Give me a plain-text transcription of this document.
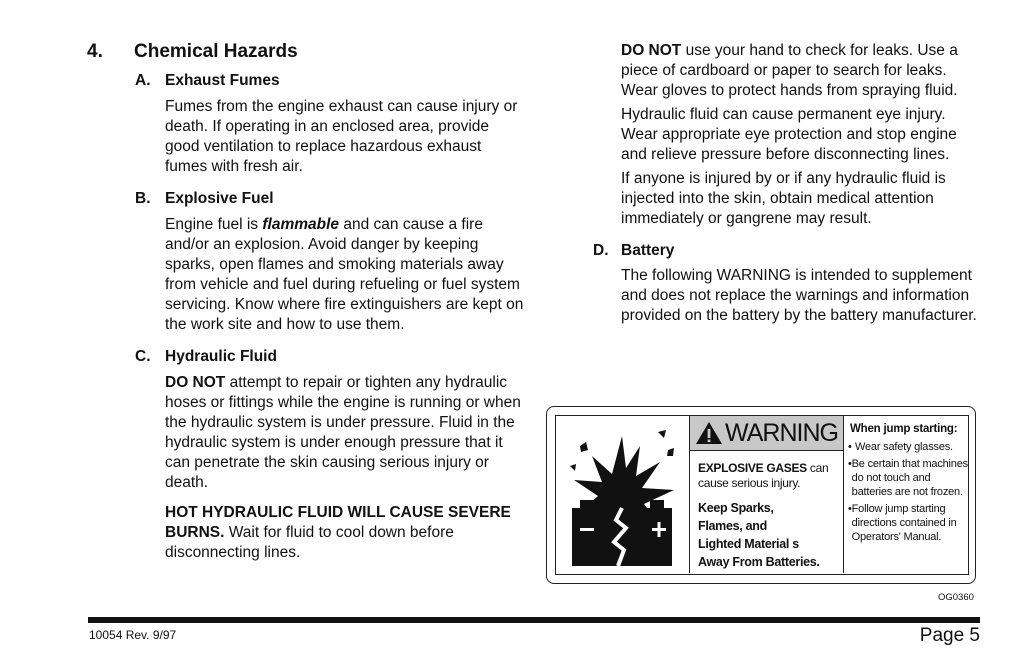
4.	Chemical Hazards
A. Exhaust Fumes

Fumes from the engine exhaust can cause injury or death. If operating in an enclosed area, provide good ventilation to replace hazardous exhaust fumes with fresh air.

B. Explosive Fuel

Engine fuel is flammable and can cause a fire and/or an explosion. Avoid danger by keeping sparks, open flames and smoking materials away from vehicle and fuel during refueling or fuel system servicing. Know where fire extinguishers are kept on the work site and how to use them.

C. Hydraulic Fluid

DO NOT attempt to repair or tighten any hydraulic hoses or fittings while the engine is running or when the hydraulic system is under pressure. Fluid in the hydraulic system is under enough pressure that it can penetrate the skin causing serious injury or death.

HOT HYDRAULIC FLUID WILL CAUSE SEVERE BURNS. Wait for fluid to cool down before disconnecting lines.

DO NOT use your hand to check for leaks. Use a piece of cardboard or paper to search for leaks. Wear gloves to protect hands from spraying fluid.

Hydraulic fluid can cause permanent eye injury. Wear appropriate eye protection and stop engine and relieve pressure before disconnecting lines.

If anyone is injured by or if any hydraulic fluid is injected into the skin, obtain medical attention immediately or gangrene may result.

D. Battery

The following WARNING is intended to supplement and does not replace the warnings and information provided on the battery by the battery manufacturer.

WARNING
EXPLOSIVE GASES can cause serious injury.
Keep Sparks,
Flames, and
Lighted Material s
Away From Batteries.
When jump starting:
• Wear safety glasses.
• Be certain that machines do not touch and batteries are not frozen.
• Follow jump starting directions contained in Operators' Manual.
OG0360
10054 Rev. 9/97	Page 5
